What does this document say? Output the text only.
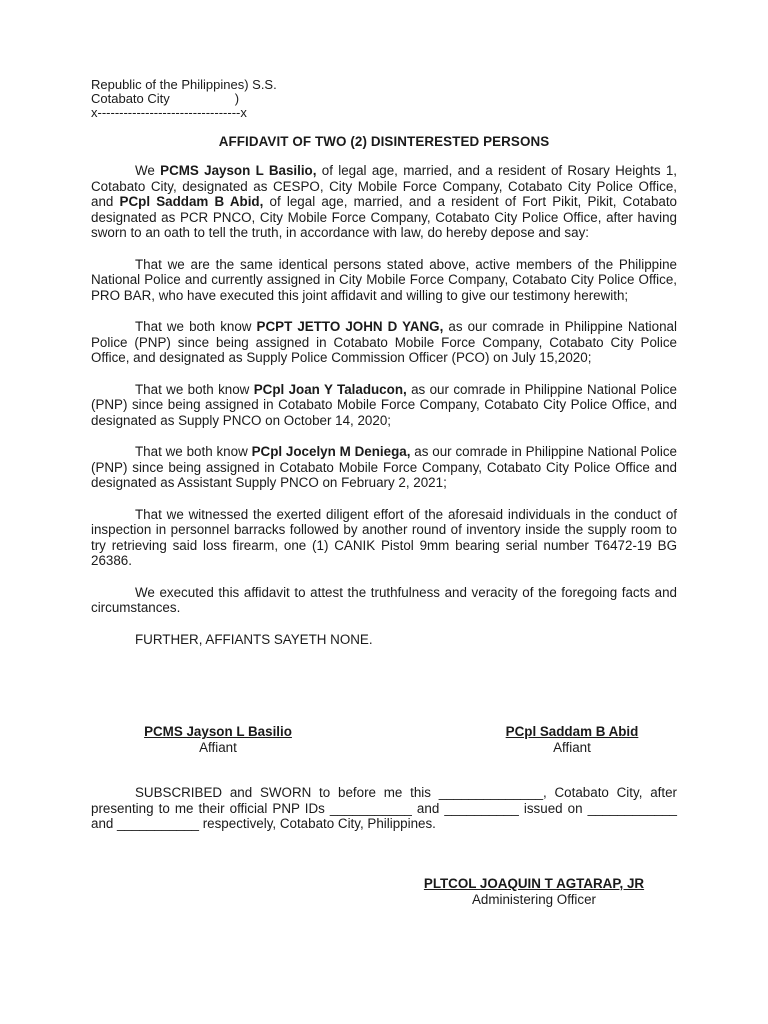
Republic of the Philippines) S.S.
Cotabato City                  )
x---------------------------------x
AFFIDAVIT OF TWO (2) DISINTERESTED PERSONS

We PCMS Jayson L Basilio, of legal age, married, and a resident of Rosary Heights 1, Cotabato City, designated as CESPO, City Mobile Force Company, Cotabato City Police Office, and PCpl Saddam B Abid, of legal age, married, and a resident of Fort Pikit, Pikit, Cotabato designated as PCR PNCO, City Mobile Force Company, Cotabato City Police Office, after having sworn to an oath to tell the truth, in accordance with law, do hereby depose and say:

That we are the same identical persons stated above, active members of the Philippine National Police and currently assigned in City Mobile Force Company, Cotabato City Police Office, PRO BAR, who have executed this joint affidavit and willing to give our testimony herewith;

That we both know PCPT JETTO JOHN D YANG, as our comrade in Philippine National Police (PNP) since being assigned in Cotabato Mobile Force Company, Cotabato City Police Office, and designated as Supply Police Commission Officer (PCO) on July 15,2020;

That we both know PCpl Joan Y Taladucon, as our comrade in Philippine National Police (PNP) since being assigned in Cotabato Mobile Force Company, Cotabato City Police Office, and designated as Supply PNCO on October 14, 2020;

That we both know PCpl Jocelyn M Deniega, as our comrade in Philippine National Police (PNP) since being assigned in Cotabato Mobile Force Company, Cotabato City Police Office and designated as Assistant Supply PNCO on February 2, 2021;

That we witnessed the exerted diligent effort of the aforesaid individuals in the conduct of inspection in personnel barracks followed by another round of inventory inside the supply room to try retrieving said loss firearm, one (1) CANIK Pistol 9mm bearing serial number T6472-19 BG 26386.

We executed this affidavit to attest the truthfulness and veracity of the foregoing facts and circumstances.

FURTHER, AFFIANTS SAYETH NONE.

PCMS Jayson L Basilio
Affiant
PCpl Saddam B Abid
Affiant

SUBSCRIBED and SWORN to before me this ______________, Cotabato City, after presenting to me their official PNP IDs ___________ and __________ issued on ____________ and ___________ respectively, Cotabato City, Philippines.

PLTCOL JOAQUIN T AGTARAP, JR
Administering Officer
